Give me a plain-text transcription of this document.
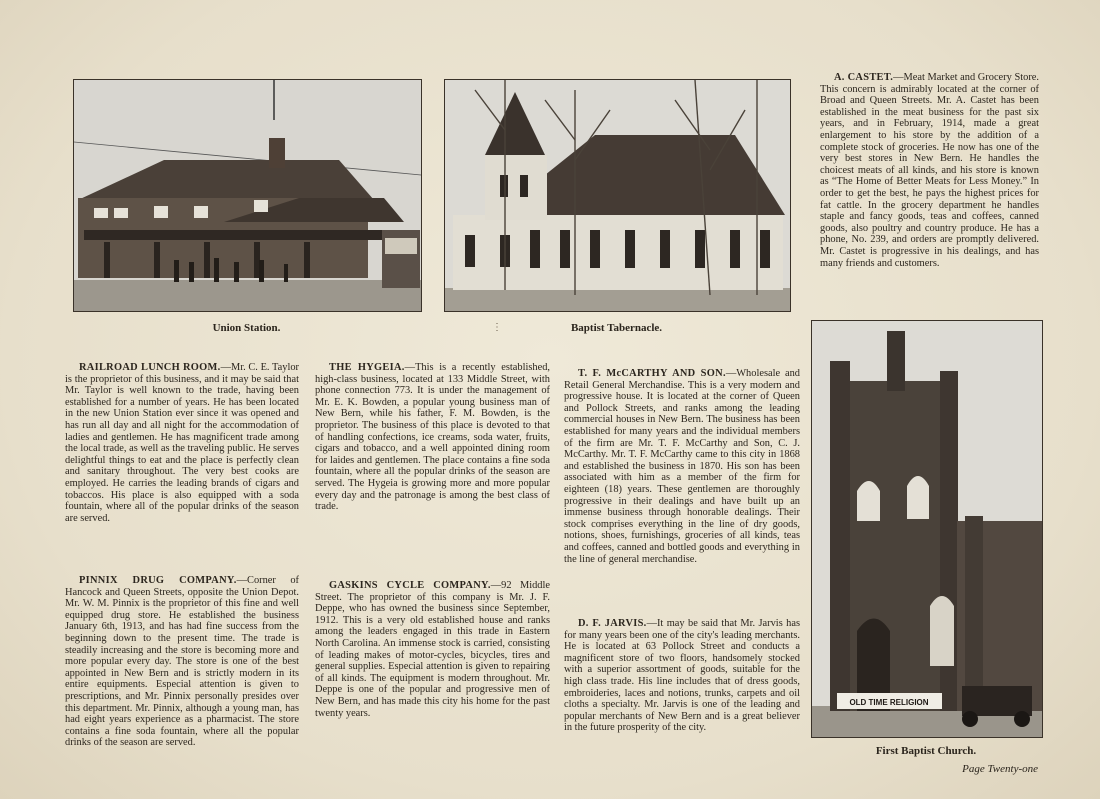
Union Station.	Baptist Tabernacle.
⋮
OLD TIME RELIGION
First Baptist Church.

A. CASTET.—Meat Market and Grocery Store. This concern is admirably located at the corner of Broad and Queen Streets. Mr. A. Castet has been established in the meat business for the past six years, and in February, 1914, made a great enlargement to his store by the addition of a complete stock of groceries. He now has one of the very best stores in New Bern. He handles the choicest meats of all kinds, and his store is known as “The Home of Better Meats for Less Money.” In order to get the best, he pays the highest prices for fat cattle. In the grocery department he handles staple and fancy goods, teas and coffees, canned goods, also poultry and country produce. He has a phone, No. 239, and orders are promptly delivered. Mr. Castet is progressive in his dealings, and has many friends and customers.

RAILROAD LUNCH ROOM.—Mr. C. E. Taylor is the proprietor of this business, and it may be said that Mr. Taylor is well known to the trade, having been established for a number of years. He has been located in the new Union Station ever since it was opened and has run all day and all night for the accommodation of ladies and gentlemen. He has magnificent trade among the local trade, as well as the traveling public. He serves delightful things to eat and the place is perfectly clean and sanitary throughout. The very best cooks are employed. He carries the leading brands of cigars and tobaccos. His place is also equipped with a soda fountain, where all of the popular drinks of the season are served.

THE HYGEIA.—This is a recently established, high-class business, located at 133 Middle Street, with phone connection 773. It is under the management of Mr. E. K. Bowden, a popular young business man of New Bern, while his father, F. M. Bowden, is the proprietor. The business of this place is devoted to that of handling confections, ice creams, soda water, fruits, cigars and tobacco, and a well appointed dining room for laides and gentlemen. The place contains a fine soda fountain, where all the popular drinks of the season are served. The Hygeia is growing more and more popular every day and the patronage is among the best class of trade.

T. F. McCARTHY AND SON.—Wholesale and Retail General Merchandise. This is a very modern and progressive house. It is located at the corner of Queen and Pollock Streets, and ranks among the leading commercial houses in New Bern. The business has been established for many years and the individual members of the firm are Mr. T. F. McCarthy and Son, C. J. McCarthy. Mr. T. F. McCarthy came to this city in 1868 and established the business in 1870. His son has been associated with him as a member of the firm for eighteen (18) years. These gentlemen are thoroughly progressive in their dealings and have built up an immense business through honorable dealings. Their stock comprises everything in the line of dry goods, notions, shoes, furnishings, groceries of all kinds, teas and coffees, canned and bottled goods and everything in the line of general merchandise.

PINNIX DRUG COMPANY.—Corner of Hancock and Queen Streets, opposite the Union Depot. Mr. W. M. Pinnix is the proprietor of this fine and well equipped drug store. He established the business January 6th, 1913, and has had fine success from the beginning down to the present time. The trade is steadily increasing and the store is becoming more and more popular every day. The store is one of the best appointed in New Bern and is strictly modern in its entire equipments. Especial attention is given to prescriptions, and Mr. Pinnix personally presides over this department. Mr. Pinnix, although a young man, has had eight years experience as a pharmacist. The store contains a fine soda fountain, where all the popular drinks of the season are served.

GASKINS CYCLE COMPANY.—92 Middle Street. The proprietor of this company is Mr. J. F. Deppe, who has owned the business since September, 1912. This is a very old established house and ranks among the leaders engaged in this trade in Eastern North Carolina. An immense stock is carried, consisting of leading makes of motor-cycles, bicycles, tires and general supplies. Especial attention is given to repairing of all kinds. The equipment is modern throughout. Mr. Deppe is one of the popular and progressive men of New Bern, and has made this city his home for the past twenty years.

D. F. JARVIS.—It may be said that Mr. Jarvis has for many years been one of the city's leading merchants. He is located at 63 Pollock Street and conducts a magnificent store of two floors, handsomely stocked with a superior assortment of goods, suitable for the high class trade. His line includes that of dress goods, embroideries, laces and notions, trunks, carpets and oil cloths a specialty. Mr. Jarvis is one of the leading and popular merchants of New Bern and is a great believer in the future prosperity of the city.

Page Twenty-one
